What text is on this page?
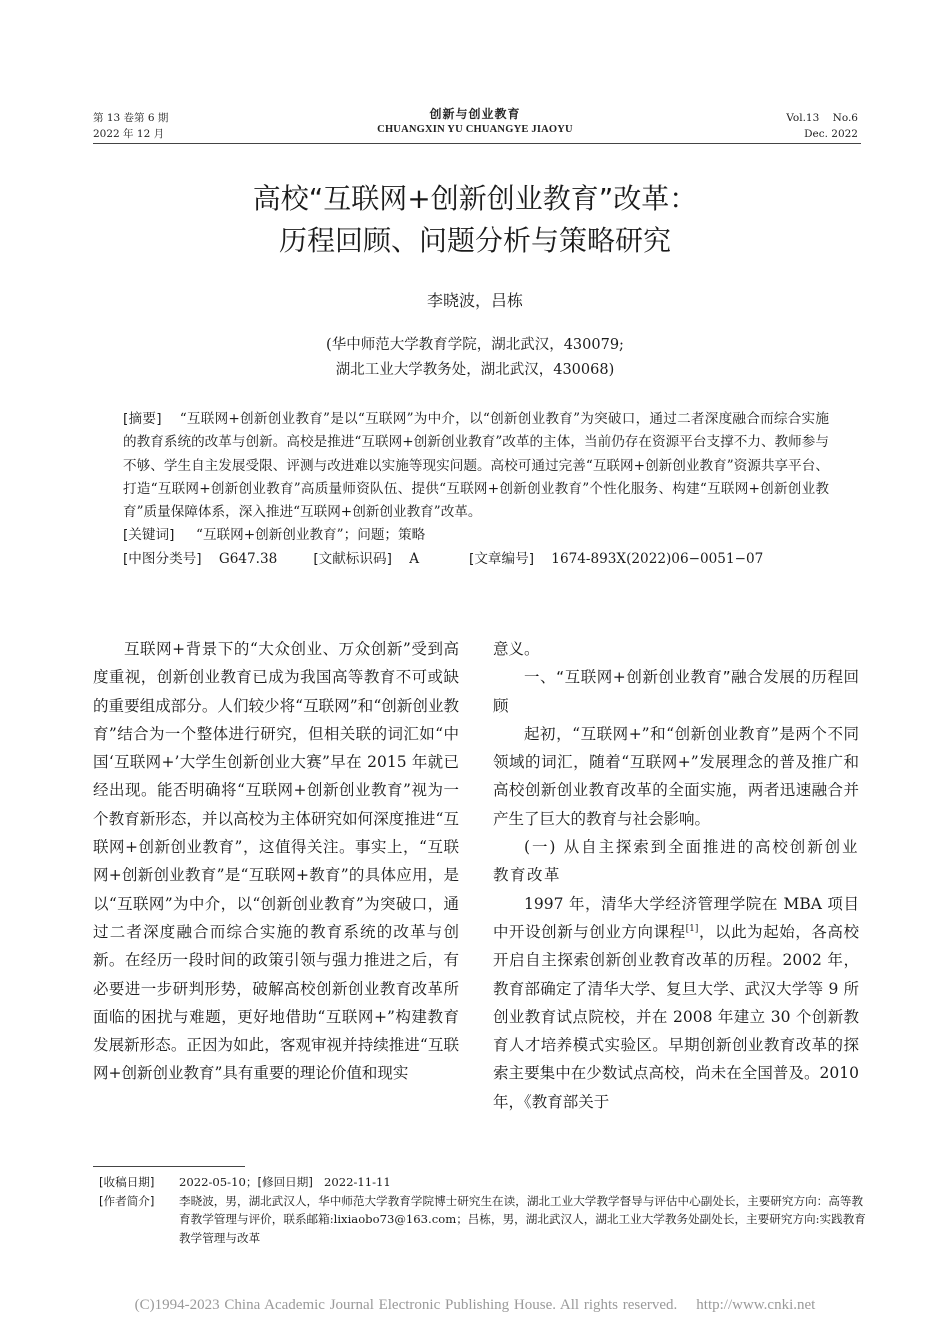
第 13 卷第 6 期
2022 年 12 月
创新与创业教育
CHUANGXIN YU CHUANGYE JIAOYU
Vol.13    No.6
Dec. 2022
高校“互联网+创新创业教育”改革：
历程回顾、问题分析与策略研究
李晓波，吕栋
(华中师范大学教育学院，湖北武汉，430079;
湖北工业大学教务处，湖北武汉，430068)

[摘要] “互联网+创新创业教育”是以“互联网”为中介，以“创新创业教育”为突破口，通过二者深度融合而综合实施的教育系统的改革与创新。高校是推进“互联网+创新创业教育”改革的主体，当前仍存在资源平台支撑不力、教师参与不够、学生自主发展受限、评测与改进难以实施等现实问题。高校可通过完善“互联网+创新创业教育”资源共享平台、打造“互联网+创新创业教育”高质量师资队伍、提供“互联网+创新创业教育”个性化服务、构建“互联网+创新创业教育”质量保障体系，深入推进“互联网+创新创业教育”改革。

[关键词] “互联网+创新创业教育”；问题；策略

[中图分类号] G647.38	[文献标识码] A	[文章编号] 1674-893X(2022)06−0051−07

互联网+背景下的“大众创业、万众创新”受到高度重视，创新创业教育已成为我国高等教育不可或缺的重要组成部分。人们较少将“互联网”和“创新创业教育”结合为一个整体进行研究，但相关联的词汇如“中国‘互联网+’大学生创新创业大赛”早在 2015 年就已经出现。能否明确将“互联网+创新创业教育”视为一个教育新形态，并以高校为主体研究如何深度推进“互联网+创新创业教育”，这值得关注。事实上，“互联网+创新创业教育”是“互联网+教育”的具体应用，是以“互联网”为中介，以“创新创业教育”为突破口，通过二者深度融合而综合实施的教育系统的改革与创新。在经历一段时间的政策引领与强力推进之后，有必要进一步研判形势，破解高校创新创业教育改革所面临的困扰与难题，更好地借助“互联网+”构建教育发展新形态。正因为如此，客观审视并持续推进“互联网+创新创业教育”具有重要的理论价值和现实

意义。

一、“互联网+创新创业教育”融合发展的历程回顾

起初，“互联网+”和“创新创业教育”是两个不同领域的词汇，随着“互联网+”发展理念的普及推广和高校创新创业教育改革的全面实施，两者迅速融合并产生了巨大的教育与社会影响。

(一) 从自主探索到全面推进的高校创新创业教育改革

1997 年，清华大学经济管理学院在 MBA 项目中开设创新与创业方向课程[1]，以此为起始，各高校开启自主探索创新创业教育改革的历程。2002 年，教育部确定了清华大学、复旦大学、武汉大学等 9 所创业教育试点院校，并在 2008 年建立 30 个创新教育人才培养模式实验区。早期创新创业教育改革的探索主要集中在少数试点高校，尚未在全国普及。2010 年，《教育部关于

[收稿日期]	2022-05-10；[修回日期] 2022-11-11
[作者简介]	李晓波，男，湖北武汉人，华中师范大学教育学院博士研究生在读，湖北工业大学教学督导与评估中心副处长，主要研究方向：高等教育教学管理与评价，联系邮箱:lixiaobo73@163.com；吕栋，男，湖北武汉人，湖北工业大学教务处副处长，主要研究方向:实践教育教学管理与改革
(C)1994-2023 China Academic Journal Electronic Publishing House. All rights reserved.    http://www.cnki.net
